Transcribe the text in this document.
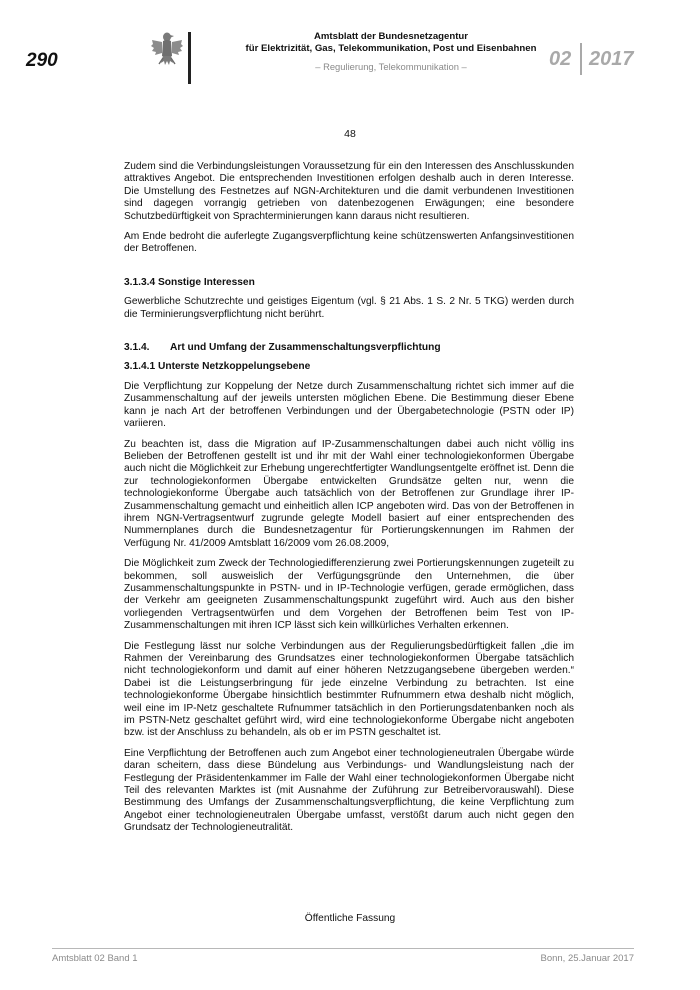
290
Amtsblatt der Bundesnetzagentur
für Elektrizität, Gas, Telekommunikation, Post und Eisenbahnen
– Regulierung, Telekommunikation –	02 2017
48

Zudem sind die Verbindungsleistungen Voraussetzung für ein den Interessen des Anschlusskunden attraktives Angebot. Die entsprechenden Investitionen erfolgen deshalb auch in deren Interesse. Die Umstellung des Festnetzes auf NGN-Architekturen und die damit verbundenen Investitionen sind dagegen vorrangig getrieben von datenbezogenen Erwägungen; eine besondere Schutzbedürftigkeit von Sprachterminierungen kann daraus nicht resultieren.

Am Ende bedroht die auferlegte Zugangsverpflichtung keine schützenswerten Anfangsinvestitionen der Betroffenen.

3.1.3.4 Sonstige Interessen

Gewerbliche Schutzrechte und geistiges Eigentum (vgl. § 21 Abs. 1 S. 2 Nr. 5 TKG) werden durch die Terminierungsverpflichtung nicht berührt.

3.1.4. Art und Umfang der Zusammenschaltungsverpflichtung
3.1.4.1 Unterste Netzkoppelungsebene

Die Verpflichtung zur Koppelung der Netze durch Zusammenschaltung richtet sich immer auf die Zusammenschaltung auf der jeweils untersten möglichen Ebene. Die Bestimmung dieser Ebene kann je nach Art der betroffenen Verbindungen und der Übergabetechnologie (PSTN oder IP) variieren.

Zu beachten ist, dass die Migration auf IP-Zusammenschaltungen dabei auch nicht völlig ins Belieben der Betroffenen gestellt ist und ihr mit der Wahl einer technologiekonformen Übergabe auch nicht die Möglichkeit zur Erhebung ungerechtfertigter Wandlungsentgelte eröffnet ist. Denn die zur technologiekonformen Übergabe entwickelten Grundsätze gelten nur, wenn die technologiekonforme Übergabe auch tatsächlich von der Betroffenen zur Grundlage ihrer IP-Zusammenschaltung gemacht und einheitlich allen ICP angeboten wird. Das von der Betroffenen in ihrem NGN-Vertragsentwurf zugrunde gelegte Modell basiert auf einer entsprechenden des Nummernplanes durch die Bundesnetzagentur für Portierungskennungen im Rahmen der Verfügung Nr. 41/2009 Amtsblatt 16/2009 vom 26.08.2009,

Die Möglichkeit zum Zweck der Technologiedifferenzierung zwei Portierungskennungen zugeteilt zu bekommen, soll ausweislich der Verfügungsgründe den Unternehmen, die über Zusammenschaltungspunkte in PSTN- und in IP-Technologie verfügen, gerade ermöglichen, dass der Verkehr am geeigneten Zusammenschaltungspunkt zugeführt wird. Auch aus den bisher vorliegenden Vertragsentwürfen und dem Vorgehen der Betroffenen beim Test von IP-Zusammenschaltungen mit ihren ICP lässt sich kein willkürliches Verhalten erkennen.

Die Festlegung lässt nur solche Verbindungen aus der Regulierungsbedürftigkeit fallen „die im Rahmen der Vereinbarung des Grundsatzes einer technologiekonformen Übergabe tatsächlich nicht technologiekonform und damit auf einer höheren Netzzugangsebene übergeben werden.“ Dabei ist die Leistungserbringung für jede einzelne Verbindung zu betrachten. Ist eine technologiekonforme Übergabe hinsichtlich bestimmter Rufnummern etwa deshalb nicht möglich, weil eine im IP-Netz geschaltete Rufnummer tatsächlich in den Portierungsdatenbanken noch als im PSTN-Netz geschaltet geführt wird, wird eine technologiekonforme Übergabe nicht angeboten bzw. ist der Anschluss zu behandeln, als ob er im PSTN geschaltet ist.

Eine Verpflichtung der Betroffenen auch zum Angebot einer technologieneutralen Übergabe würde daran scheitern, dass diese Bündelung aus Verbindungs- und Wandlungsleistung nach der Festlegung der Präsidentenkammer im Falle der Wahl einer technologiekonformen Übergabe nicht Teil des relevanten Marktes ist (mit Ausnahme der Zuführung zur Betreibervorauswahl). Diese Bestimmung des Umfangs der Zusammenschaltungsverpflichtung, die keine Verpflichtung zum Angebot einer technologieneutralen Übergabe umfasst, verstößt darum auch nicht gegen den Grundsatz der Technologieneutralität.

Öffentliche Fassung
Amtsblatt 02 Band 1	Bonn, 25.Januar 2017
